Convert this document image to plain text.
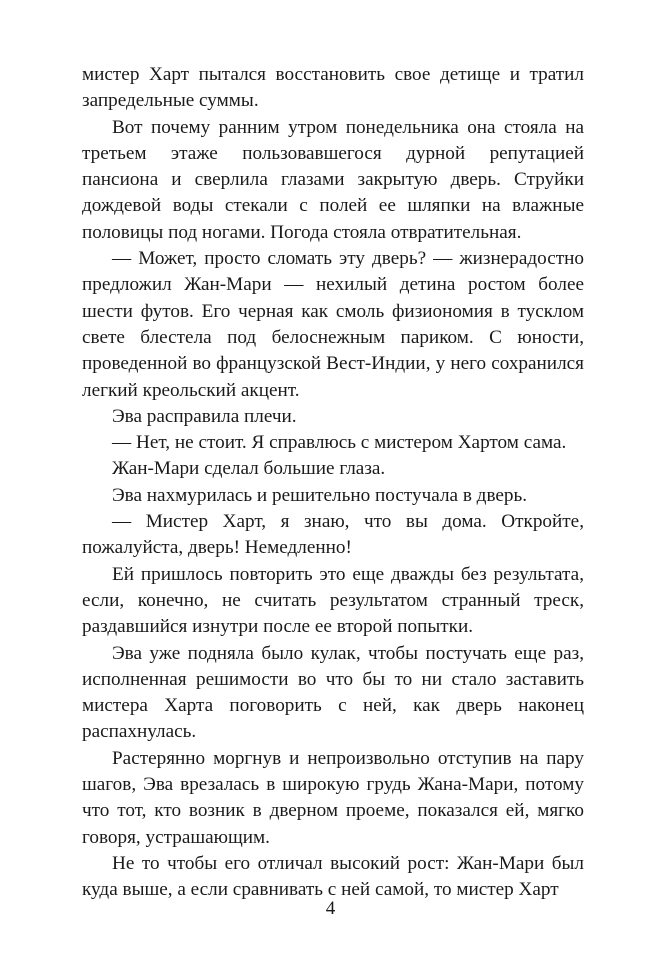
мистер Харт пытался восстановить свое детище и тратил запредельные суммы.

Вот почему ранним утром понедельника она стояла на третьем этаже пользовавшегося дурной репутацией пансиона и сверлила глазами закрытую дверь. Струйки дождевой воды стекали с полей ее шляпки на влажные половицы под ногами. Погода стояла отвратительная.

— Может, просто сломать эту дверь? — жизнерадостно предложил Жан-Мари — нехилый детина ростом более шести футов. Его черная как смоль физиономия в тусклом свете блестела под белоснежным париком. С юности, проведенной во французской Вест-Индии, у него сохранился легкий креольский акцент.

Эва расправила плечи.

— Нет, не стоит. Я справлюсь с мистером Хартом сама.

Жан-Мари сделал большие глаза.

Эва нахмурилась и решительно постучала в дверь.

— Мистер Харт, я знаю, что вы дома. Откройте, пожалуйста, дверь! Немедленно!

Ей пришлось повторить это еще дважды без результата, если, конечно, не считать результатом странный треск, раздавшийся изнутри после ее второй попытки.

Эва уже подняла было кулак, чтобы постучать еще раз, исполненная решимости во что бы то ни стало заставить мистера Харта поговорить с ней, как дверь наконец распахнулась.

Растерянно моргнув и непроизвольно отступив на пару шагов, Эва врезалась в широкую грудь Жана-Мари, потому что тот, кто возник в дверном проеме, показался ей, мягко говоря, устрашающим.

Не то чтобы его отличал высокий рост: Жан-Мари был куда выше, а если сравнивать с ней самой, то мистер Харт

4
